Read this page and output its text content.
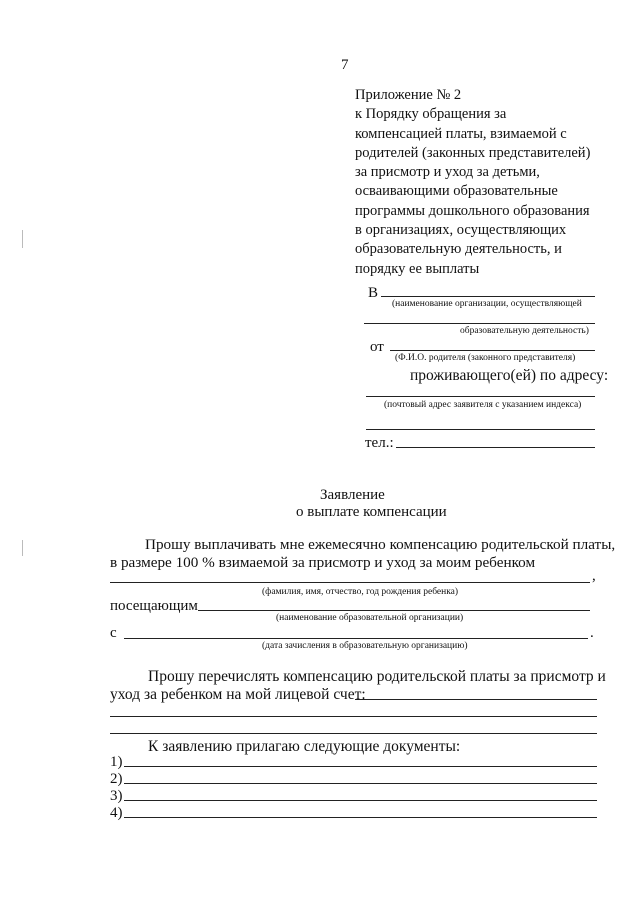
7
Приложение № 2
к Порядку обращения за
компенсацией платы, взимаемой с
родителей (законных представителей)
за присмотр и уход за детьми,
осваивающими образовательные
программы дошкольного образования
в организациях, осуществляющих
образовательную деятельность, и
порядку ее выплаты
В
(наименование организации, осуществляющей
образовательную деятельность)
от
(Ф.И.О. родителя (законного представителя)
проживающего(ей) по адресу:
(почтовый адрес заявителя с указанием индекса)
тел.:
Заявление
о выплате компенсации
Прошу выплачивать мне ежемесячно компенсацию родительской платы,
в размере 100 % взимаемой за присмотр и уход за моим ребенком
,
(фамилия, имя, отчество, год рождения ребенка)
посещающим
(наименование образовательной организации)
с	.
(дата зачисления в образовательную организацию)
Прошу перечислять компенсацию родительской платы за присмотр и
уход за ребенком на мой лицевой счет:
К заявлению прилагаю следующие документы:
1)
2)
3)
4)
